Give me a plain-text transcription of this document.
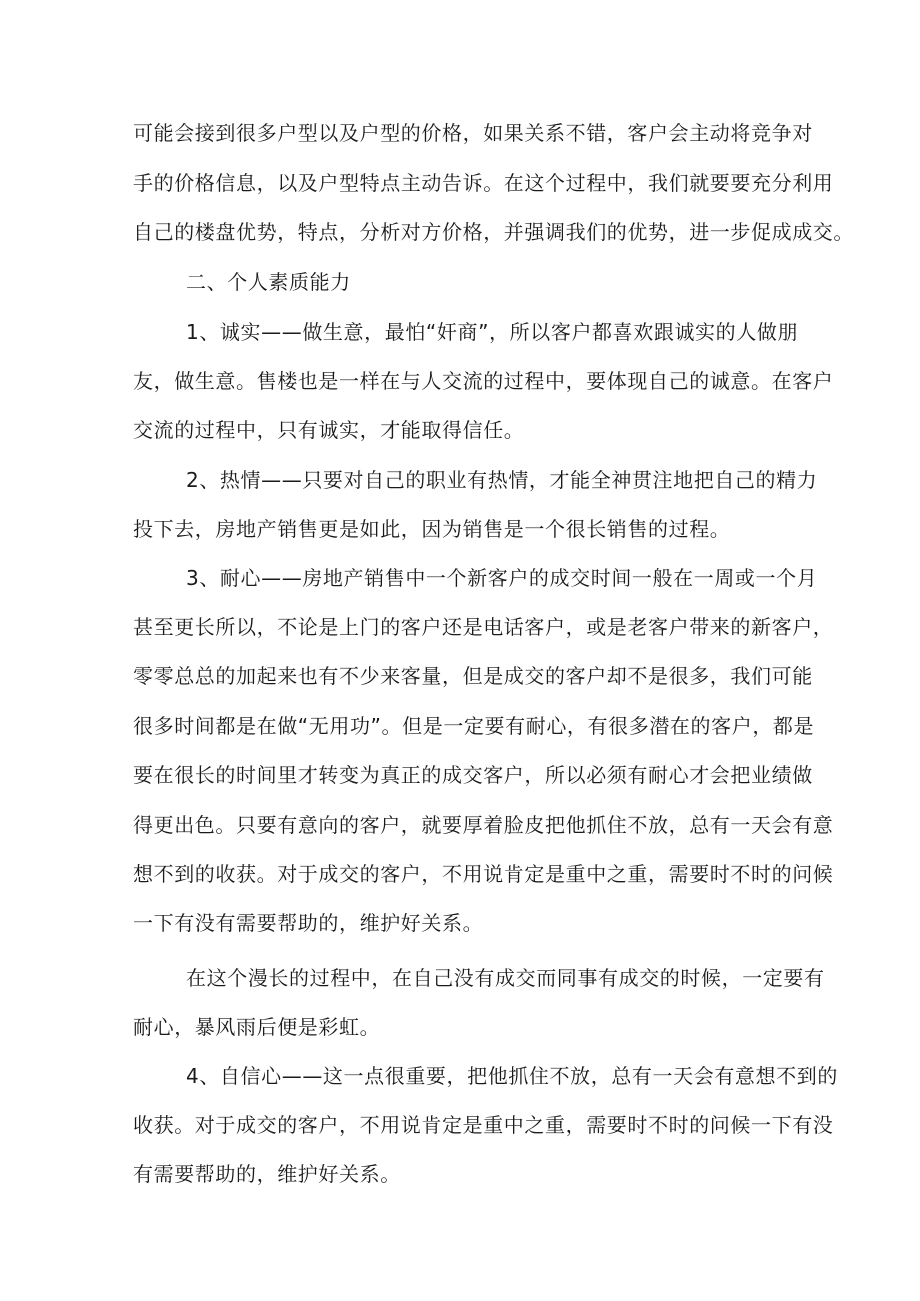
可能会接到很多户型以及户型的价格，如果关系不错，客户会主动将竞争对
手的价格信息，以及户型特点主动告诉。在这个过程中，我们就要要充分利用
自己的楼盘优势，特点，分析对方价格，并强调我们的优势，进一步促成成交。
二、个人素质能力
1、诚实——做生意，最怕“奸商”，所以客户都喜欢跟诚实的人做朋
友，做生意。售楼也是一样在与人交流的过程中，要体现自己的诚意。在客户
交流的过程中，只有诚实，才能取得信任。
2、热情——只要对自己的职业有热情，才能全神贯注地把自己的精力
投下去，房地产销售更是如此，因为销售是一个很长销售的过程。
3、耐心——房地产销售中一个新客户的成交时间一般在一周或一个月
甚至更长所以，不论是上门的客户还是电话客户，或是老客户带来的新客户，
零零总总的加起来也有不少来客量，但是成交的客户却不是很多，我们可能
很多时间都是在做“无用功”。但是一定要有耐心，有很多潜在的客户，都是
要在很长的时间里才转变为真正的成交客户，所以必须有耐心才会把业绩做
得更出色。只要有意向的客户，就要厚着脸皮把他抓住不放，总有一天会有意
想不到的收获。对于成交的客户，不用说肯定是重中之重，需要时不时的问候
一下有没有需要帮助的，维护好关系。
在这个漫长的过程中，在自己没有成交而同事有成交的时候，一定要有
耐心，暴风雨后便是彩虹。
4、自信心——这一点很重要，把他抓住不放，总有一天会有意想不到的
收获。对于成交的客户，不用说肯定是重中之重，需要时不时的问候一下有没
有需要帮助的，维护好关系。
